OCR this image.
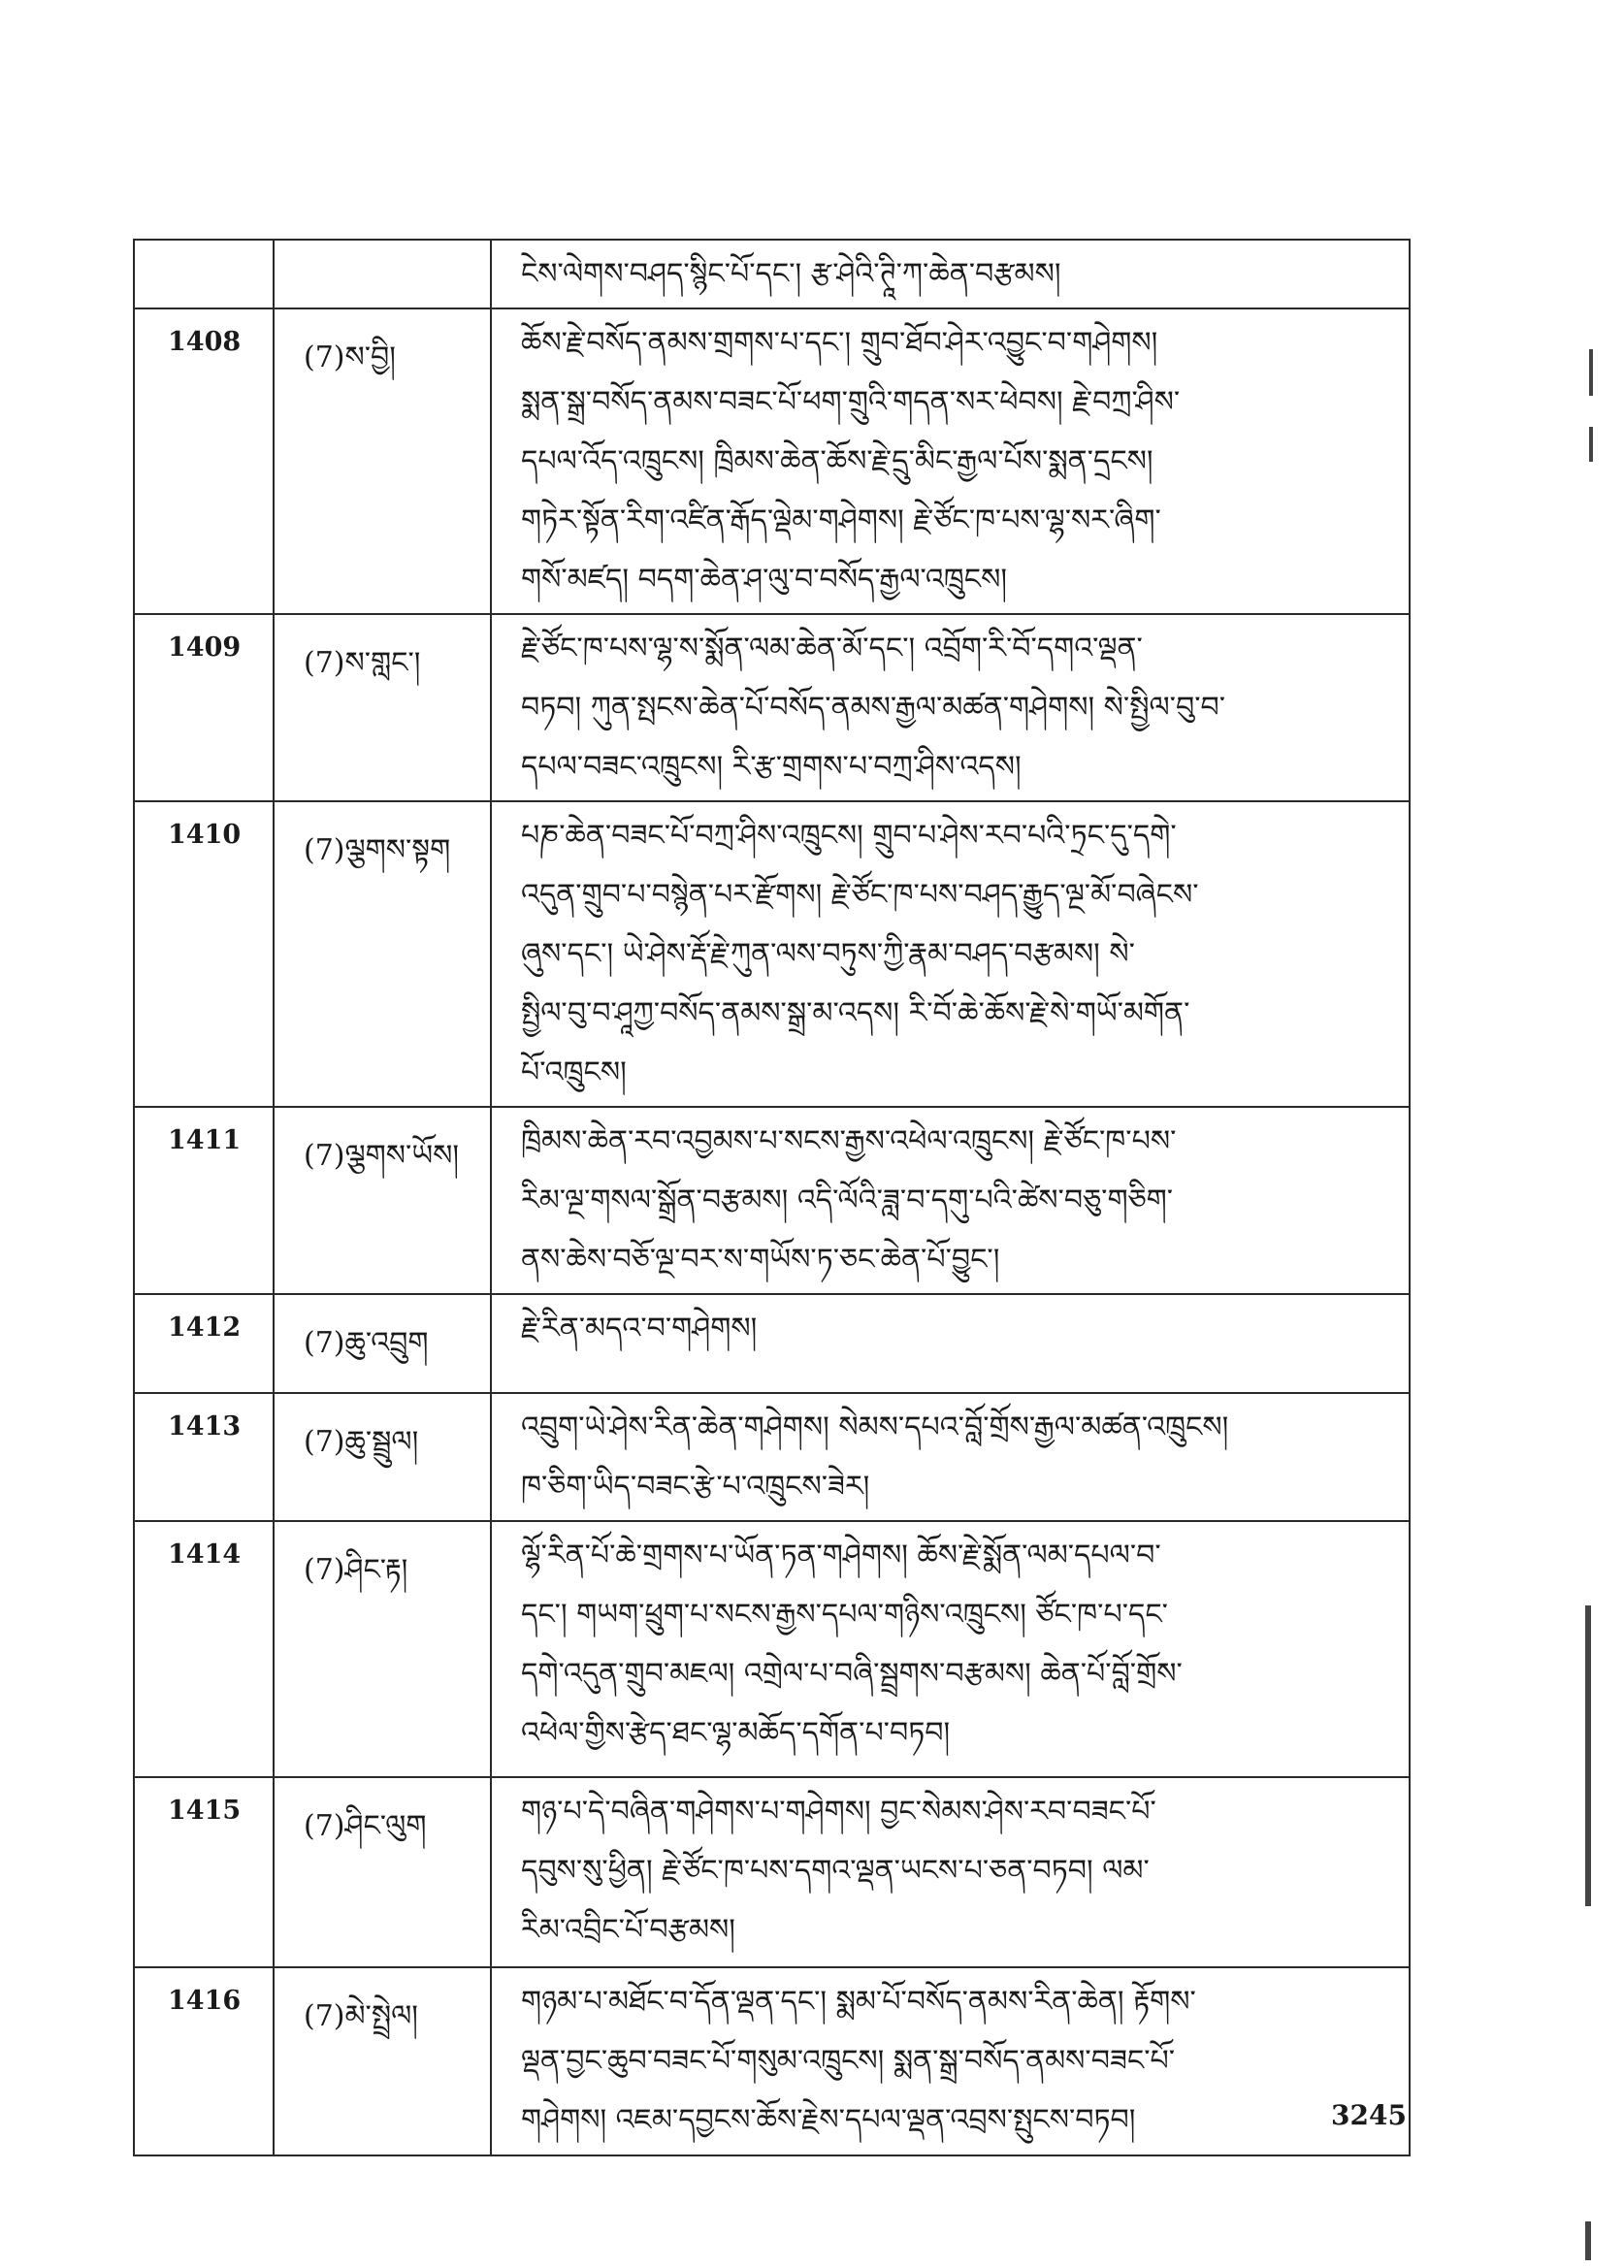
		ངེས་ལེགས་བཤད་སྙིང་པོ་དང་། རྩ་ཤེའི་ཊཱི་ཀ་ཆེན་བརྩམས།

1408	(7)ས་བྱི།	ཆོས་རྗེ་བསོད་ནམས་གྲགས་པ་དང་། གྲུབ་ཐོབ་ཤེར་འབྱུང་བ་གཤེགས།
སྨན་སྒྲ་བསོད་ནམས་བཟང་པོ་ཕག་གྲུའི་གདན་སར་ཕེབས། རྗེ་བཀྲ་ཤིས་
དཔལ་འོད་འཁྲུངས། ཁྲིམས་ཆེན་ཆོས་རྗེ་དྲུ་མིང་རྒྱལ་པོས་སྨན་དྲངས།
གཏེར་སྟོན་རིག་འཛིན་རྒོད་ལྡེམ་གཤེགས། རྗེ་ཙོང་ཁ་པས་ལྷ་སར་ཞིག་
གསོ་མཛད། བདག་ཆེན་ཤ་ལུ་བ་བསོད་རྒྱལ་འཁྲུངས།

1409	(7)ས་གླང་།	རྗེ་ཙོང་ཁ་པས་ལྷ་ས་སྨོན་ལམ་ཆེན་མོ་དང་། འབྲོག་རི་བོ་དགའ་ལྡན་
བཏབ། ཀུན་སྤངས་ཆེན་པོ་བསོད་ནམས་རྒྱལ་མཚན་གཤེགས། སེ་སྤྱིལ་བུ་བ་
དཔལ་བཟང་འཁྲུངས། རི་རྩ་གྲགས་པ་བཀྲ་ཤིས་འདས།

1410	(7)ལྕགས་སྟག	པཎ་ཆེན་བཟང་པོ་བཀྲ་ཤིས་འཁྲུངས། གྲུབ་པ་ཤེས་རབ་པའི་ཏྲང་དུ་དགེ་
འདུན་གྲུབ་པ་བསྙེན་པར་རྫོགས། རྗེ་ཙོང་ཁ་པས་བཤད་རྒྱུད་ལྔ་མོ་བཞེངས་
ཞུས་དང་། ཡེ་ཤེས་རྡོ་རྗེ་ཀུན་ལས་བཏུས་ཀྱི་རྣམ་བཤད་བརྩམས། སེ་
སྤྱིལ་བུ་བ་ཤཱཀྱ་བསོད་ནམས་སྒྲ་མ་འདས། རི་བོ་ཆེ་ཆོས་རྗེ་སེ་གཡོ་མགོན་
པོ་འཁྲུངས།

1411	(7)ལྕགས་ཡོས།	ཁྲིམས་ཆེན་རབ་འབྱམས་པ་སངས་རྒྱས་འཕེལ་འཁྲུངས། རྗེ་ཙོང་ཁ་པས་
རིམ་ལྔ་གསལ་སྒྲོན་བརྩམས། འདི་ལོའི་ཟླ་བ་དགུ་པའི་ཚེས་བཅུ་གཅིག་
ནས་ཆེས་བཅོ་ལྔ་བར་ས་གཡོས་ཏ་ཅང་ཆེན་པོ་བྱུང་།

1412	(7)ཆུ་འབྲུག	རྗེ་རིན་མདའ་བ་གཤེགས།

1413	(7)ཆུ་སྦྲུལ།	འབྲུག་ཡེ་ཤེས་རིན་ཆེན་གཤེགས། སེམས་དཔའ་བློ་གྲོས་རྒྱལ་མཚན་འཁྲུངས།
ཁ་ཅིག་ཡིད་བཟང་རྩེ་པ་འཁྲུངས་ཟེར།

1414	(7)ཤིང་རྟ།	ལྷོ་རིན་པོ་ཆེ་གྲགས་པ་ཡོན་ཏན་གཤེགས། ཆོས་རྗེ་སྨོན་ལམ་དཔལ་བ་
དང་། གཡག་ཕྲུག་པ་སངས་རྒྱས་དཔལ་གཉིས་འཁྲུངས། ཙོང་ཁ་པ་དང་
དགེ་འདུན་གྲུབ་མཇལ། འགྲེལ་པ་བཞི་སྦྲགས་བརྩམས། ཆེན་པོ་བློ་གྲོས་
འཕེལ་གྱིས་རྩེད་ཐང་ལྷ་མཆོད་དགོན་པ་བཏབ།

1415	(7)ཤིང་ལུག	གཉ་པ་དེ་བཞིན་གཤེགས་པ་གཤེགས། བྱང་སེམས་ཤེས་རབ་བཟང་པོ་
དབུས་སུ་ཕྱིན། རྗེ་ཙོང་ཁ་པས་དགའ་ལྡན་ཡངས་པ་ཅན་བཏབ། ལམ་
རིམ་འབྲིང་པོ་བརྩམས།

1416	(7)མེ་སྤྲེལ།	གཉམ་པ་མཐོང་བ་དོན་ལྡན་དང་། སྨམ་པོ་བསོད་ནམས་རིན་ཆེན། རྟོགས་
ལྡན་བྱང་ཆུབ་བཟང་པོ་གསུམ་འཁྲུངས། སྨན་སྒྲ་བསོད་ནམས་བཟང་པོ་
གཤེགས། འཇམ་དབྱངས་ཆོས་རྗེས་དཔལ་ལྡན་འབྲས་སྤུངས་བཏབ།	3245
